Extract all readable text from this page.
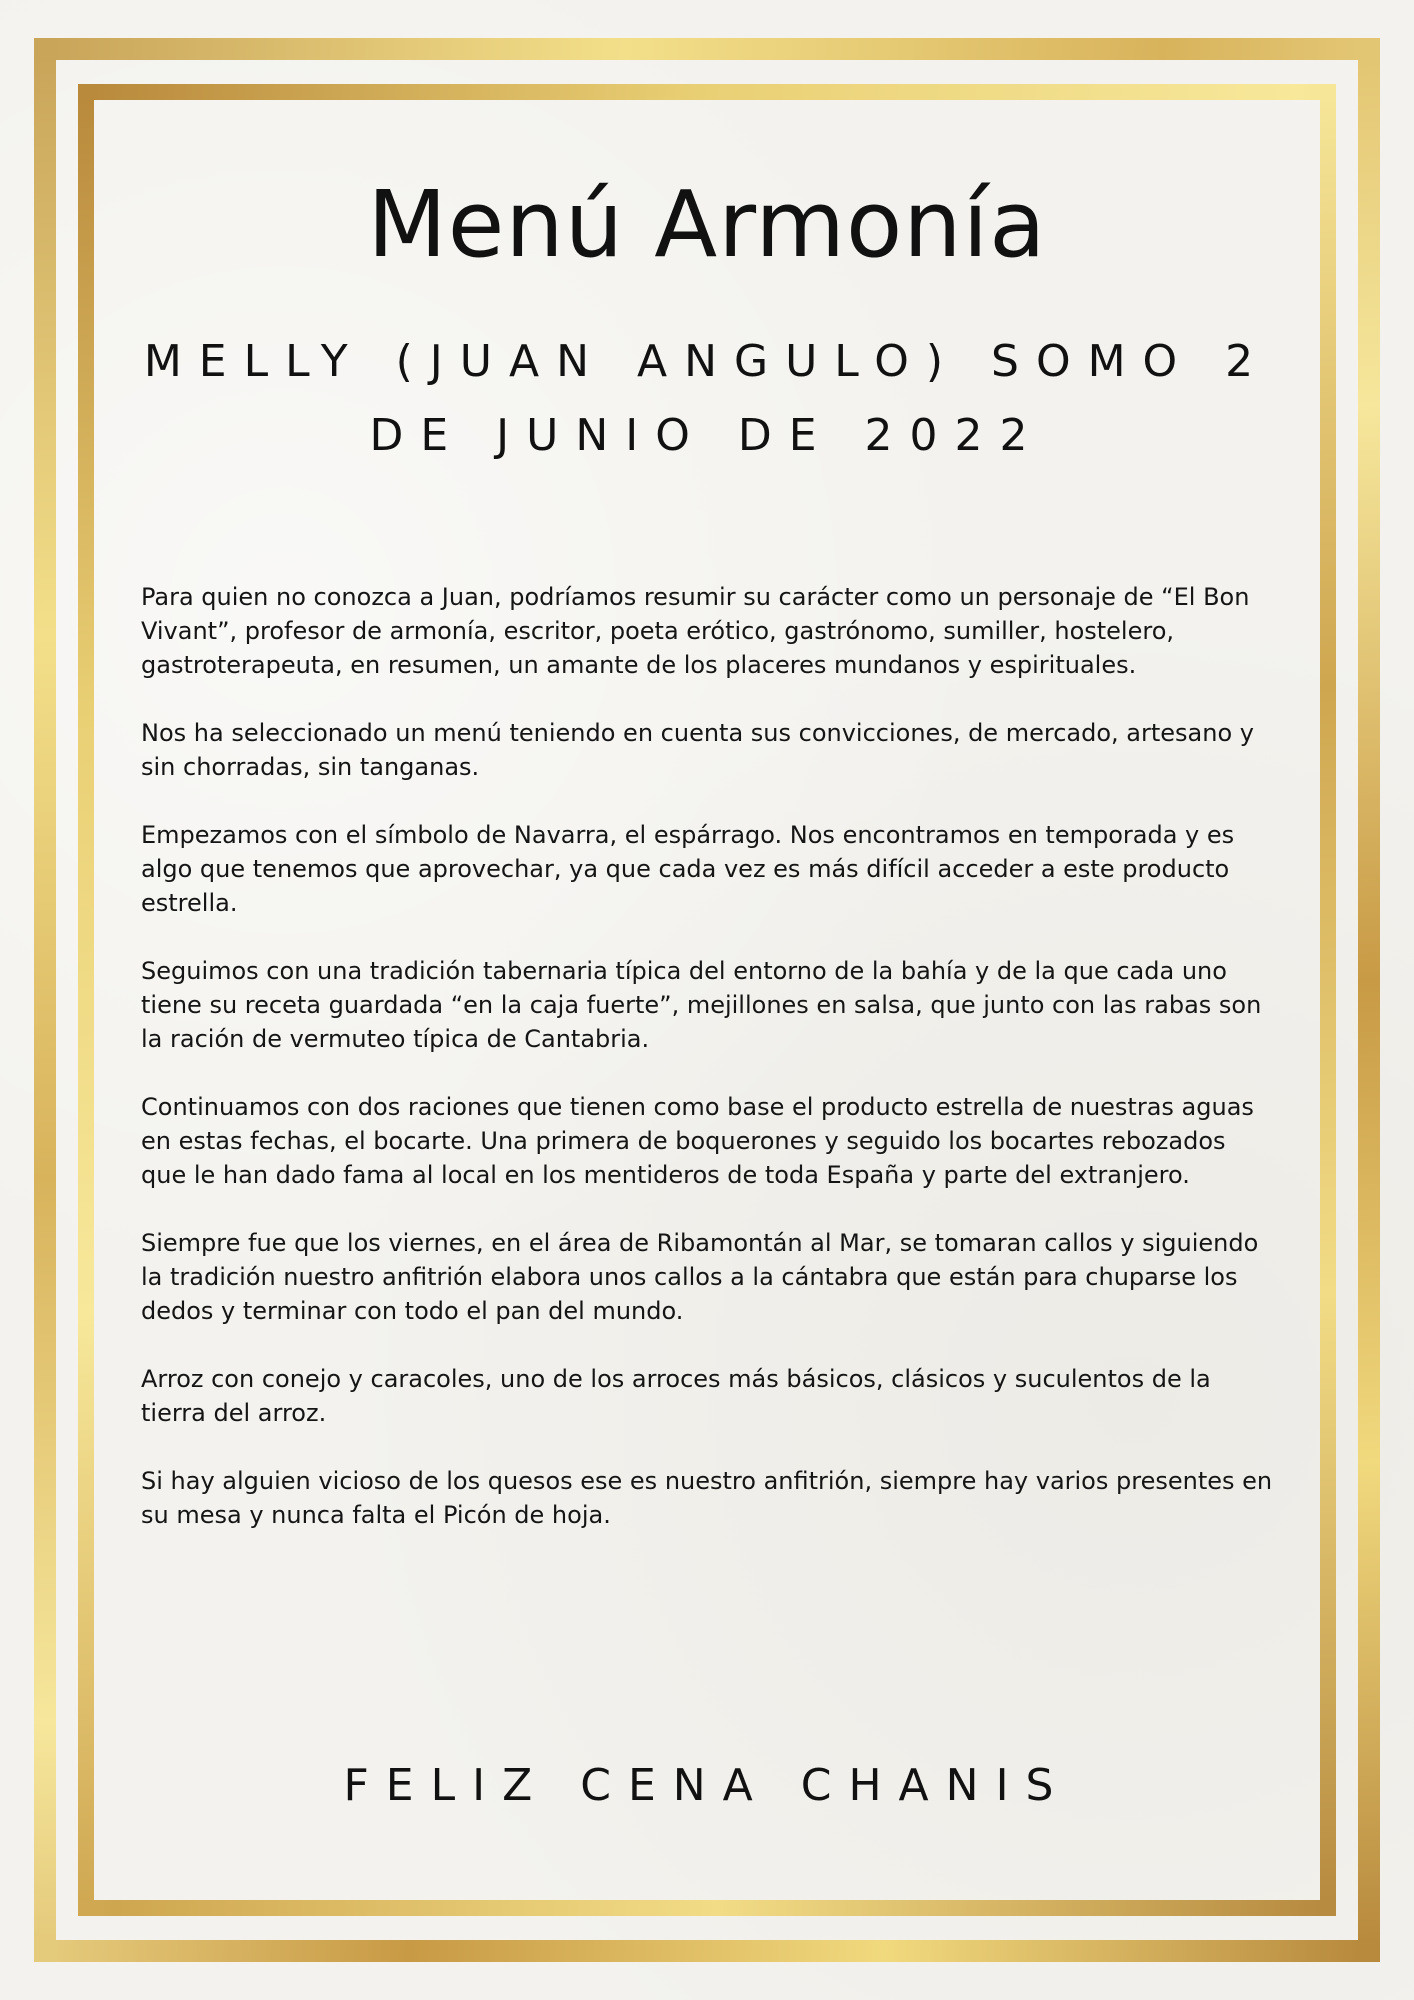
Menú Armonía
MELLY (JUAN ANGULO) SOMO 2
DE JUNIO DE 2022

Para quien no conozca a Juan, podríamos resumir su carácter como un personaje de “El Bon Vivant”, profesor de armonía, escritor, poeta erótico, gastrónomo, sumiller, hostelero, gastroterapeuta, en resumen, un amante de los placeres mundanos y espirituales.

Nos ha seleccionado un menú teniendo en cuenta sus convicciones, de mercado, artesano y sin chorradas, sin tanganas.

Empezamos con el símbolo de Navarra, el espárrago. Nos encontramos en temporada y es algo que tenemos que aprovechar, ya que cada vez es más difícil acceder a este producto estrella.

Seguimos con una tradición tabernaria típica del entorno de la bahía y de la que cada uno tiene su receta guardada “en la caja fuerte”, mejillones en salsa, que junto con las rabas son la ración de vermuteo típica de Cantabria.

Continuamos con dos raciones que tienen como base el producto estrella de nuestras aguas en estas fechas, el bocarte. Una primera de boquerones y seguido los bocartes rebozados que le han dado fama al local en los mentideros de toda España y parte del extranjero.

Siempre fue que los viernes, en el área de Ribamontán al Mar, se tomaran callos y siguiendo la tradición nuestro anfitrión elabora unos callos a la cántabra que están para chuparse los dedos y terminar con todo el pan del mundo.

Arroz con conejo y caracoles, uno de los arroces más básicos, clásicos y suculentos de la tierra del arroz.

Si hay alguien vicioso de los quesos ese es nuestro anfitrión, siempre hay varios presentes en su mesa y nunca falta el Picón de hoja.

FELIZ CENA CHANIS
